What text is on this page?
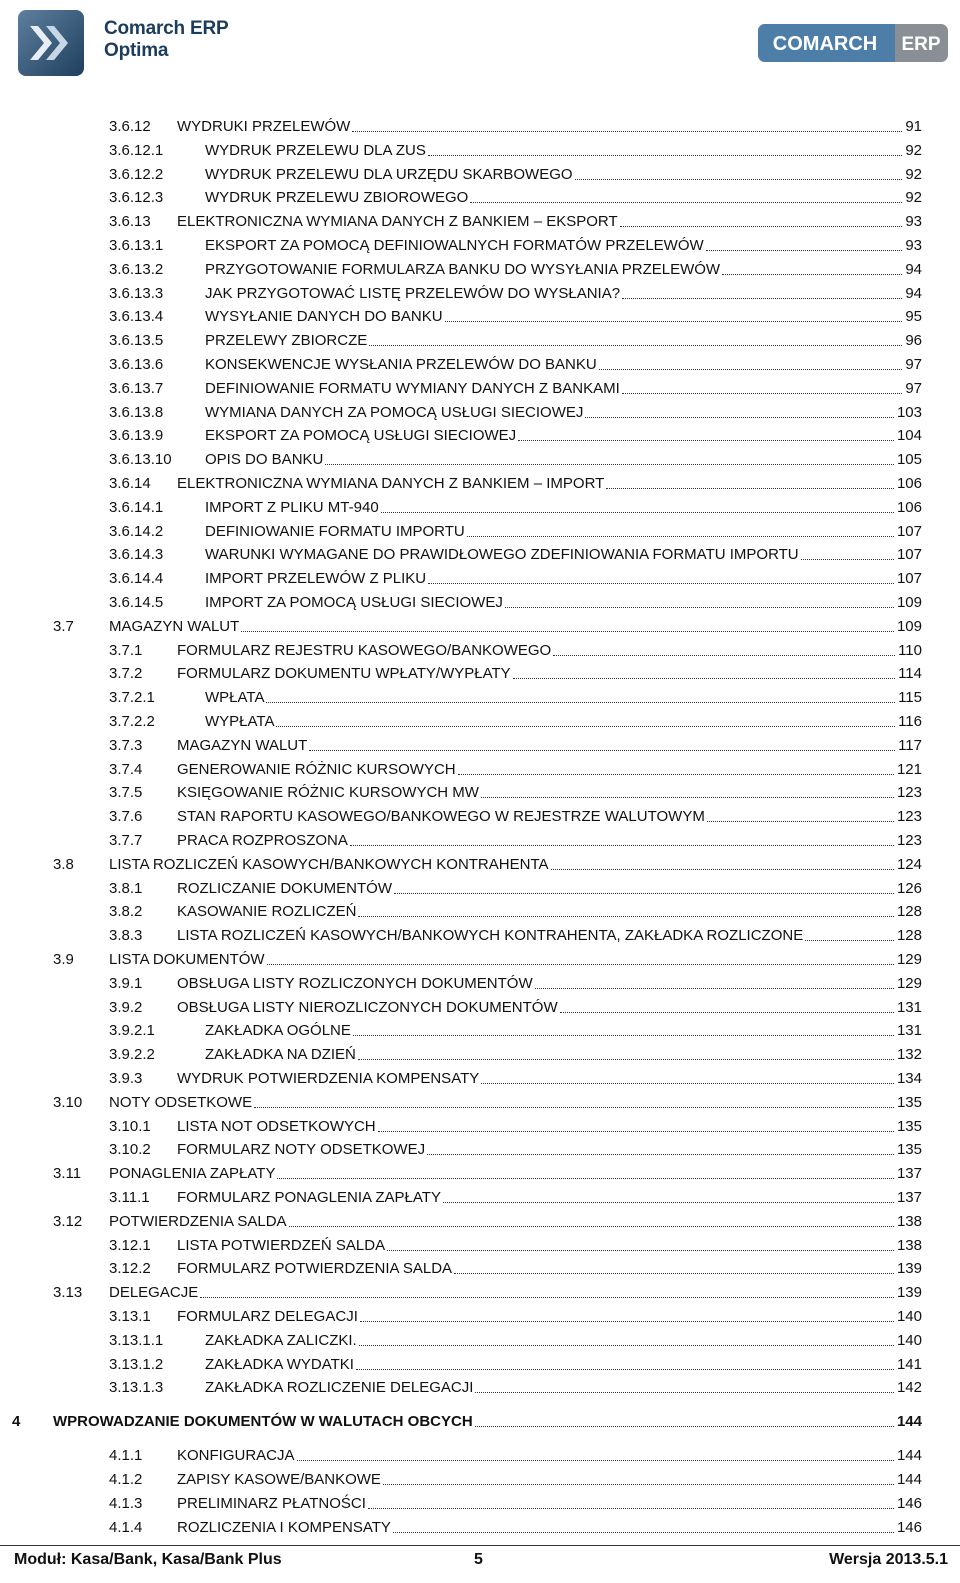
Comarch ERP
Optima	COMARCH ERP
3.6.12	WYDRUKI PRZELEWÓW	91
3.6.12.1	WYDRUK PRZELEWU DLA ZUS	92
3.6.12.2	WYDRUK PRZELEWU DLA URZĘDU SKARBOWEGO	92
3.6.12.3	WYDRUK PRZELEWU ZBIOROWEGO	92
3.6.13	ELEKTRONICZNA WYMIANA DANYCH Z BANKIEM – EKSPORT	93
3.6.13.1	EKSPORT ZA POMOCĄ DEFINIOWALNYCH FORMATÓW PRZELEWÓW	93
3.6.13.2	PRZYGOTOWANIE FORMULARZA BANKU DO WYSYŁANIA PRZELEWÓW	94
3.6.13.3	JAK PRZYGOTOWAĆ LISTĘ PRZELEWÓW DO WYSŁANIA?	94
3.6.13.4	WYSYŁANIE DANYCH DO BANKU	95
3.6.13.5	PRZELEWY ZBIORCZE	96
3.6.13.6	KONSEKWENCJE WYSŁANIA PRZELEWÓW DO BANKU	97
3.6.13.7	DEFINIOWANIE FORMATU WYMIANY DANYCH Z BANKAMI	97
3.6.13.8	WYMIANA DANYCH ZA POMOCĄ USŁUGI SIECIOWEJ	103
3.6.13.9	EKSPORT ZA POMOCĄ USŁUGI SIECIOWEJ	104
3.6.13.10	OPIS DO BANKU	105
3.6.14	ELEKTRONICZNA WYMIANA DANYCH Z BANKIEM – IMPORT	106
3.6.14.1	IMPORT Z PLIKU MT-940	106
3.6.14.2	DEFINIOWANIE FORMATU IMPORTU	107
3.6.14.3	WARUNKI WYMAGANE DO PRAWIDŁOWEGO ZDEFINIOWANIA FORMATU IMPORTU	107
3.6.14.4	IMPORT PRZELEWÓW Z PLIKU	107
3.6.14.5	IMPORT ZA POMOCĄ USŁUGI SIECIOWEJ	109
3.7	MAGAZYN WALUT	109
3.7.1	FORMULARZ REJESTRU KASOWEGO/BANKOWEGO	110
3.7.2	FORMULARZ DOKUMENTU WPŁATY/WYPŁATY	114
3.7.2.1	WPŁATA	115
3.7.2.2	WYPŁATA	116
3.7.3	MAGAZYN WALUT	117
3.7.4	GENEROWANIE RÓŻNIC KURSOWYCH	121
3.7.5	KSIĘGOWANIE RÓŻNIC KURSOWYCH MW	123
3.7.6	STAN RAPORTU KASOWEGO/BANKOWEGO W REJESTRZE WALUTOWYM	123
3.7.7	PRACA ROZPROSZONA	123
3.8	LISTA ROZLICZEŃ KASOWYCH/BANKOWYCH KONTRAHENTA	124
3.8.1	ROZLICZANIE DOKUMENTÓW	126
3.8.2	KASOWANIE ROZLICZEŃ	128
3.8.3	LISTA ROZLICZEŃ KASOWYCH/BANKOWYCH KONTRAHENTA, ZAKŁADKA ROZLICZONE	128
3.9	LISTA DOKUMENTÓW	129
3.9.1	OBSŁUGA LISTY ROZLICZONYCH DOKUMENTÓW	129
3.9.2	OBSŁUGA LISTY NIEROZLICZONYCH DOKUMENTÓW	131
3.9.2.1	ZAKŁADKA OGÓLNE	131
3.9.2.2	ZAKŁADKA NA DZIEŃ	132
3.9.3	WYDRUK POTWIERDZENIA KOMPENSATY	134
3.10	NOTY ODSETKOWE	135
3.10.1	LISTA NOT ODSETKOWYCH	135
3.10.2	FORMULARZ NOTY ODSETKOWEJ	135
3.11	PONAGLENIA ZAPŁATY	137
3.11.1	FORMULARZ PONAGLENIA ZAPŁATY	137
3.12	POTWIERDZENIA SALDA	138
3.12.1	LISTA POTWIERDZEŃ SALDA	138
3.12.2	FORMULARZ POTWIERDZENIA SALDA	139
3.13	DELEGACJE	139
3.13.1	FORMULARZ DELEGACJI	140
3.13.1.1	ZAKŁADKA ZALICZKI.	140
3.13.1.2	ZAKŁADKA WYDATKI	141
3.13.1.3	ZAKŁADKA ROZLICZENIE DELEGACJI	142
4	WPROWADZANIE DOKUMENTÓW W WALUTACH OBCYCH	144
4.1.1	KONFIGURACJA	144
4.1.2	ZAPISY KASOWE/BANKOWE	144
4.1.3	PRELIMINARZ PŁATNOŚCI	146
4.1.4	ROZLICZENIA I KOMPENSATY	146
Moduł: Kasa/Bank, Kasa/Bank Plus	5	Wersja 2013.5.1
